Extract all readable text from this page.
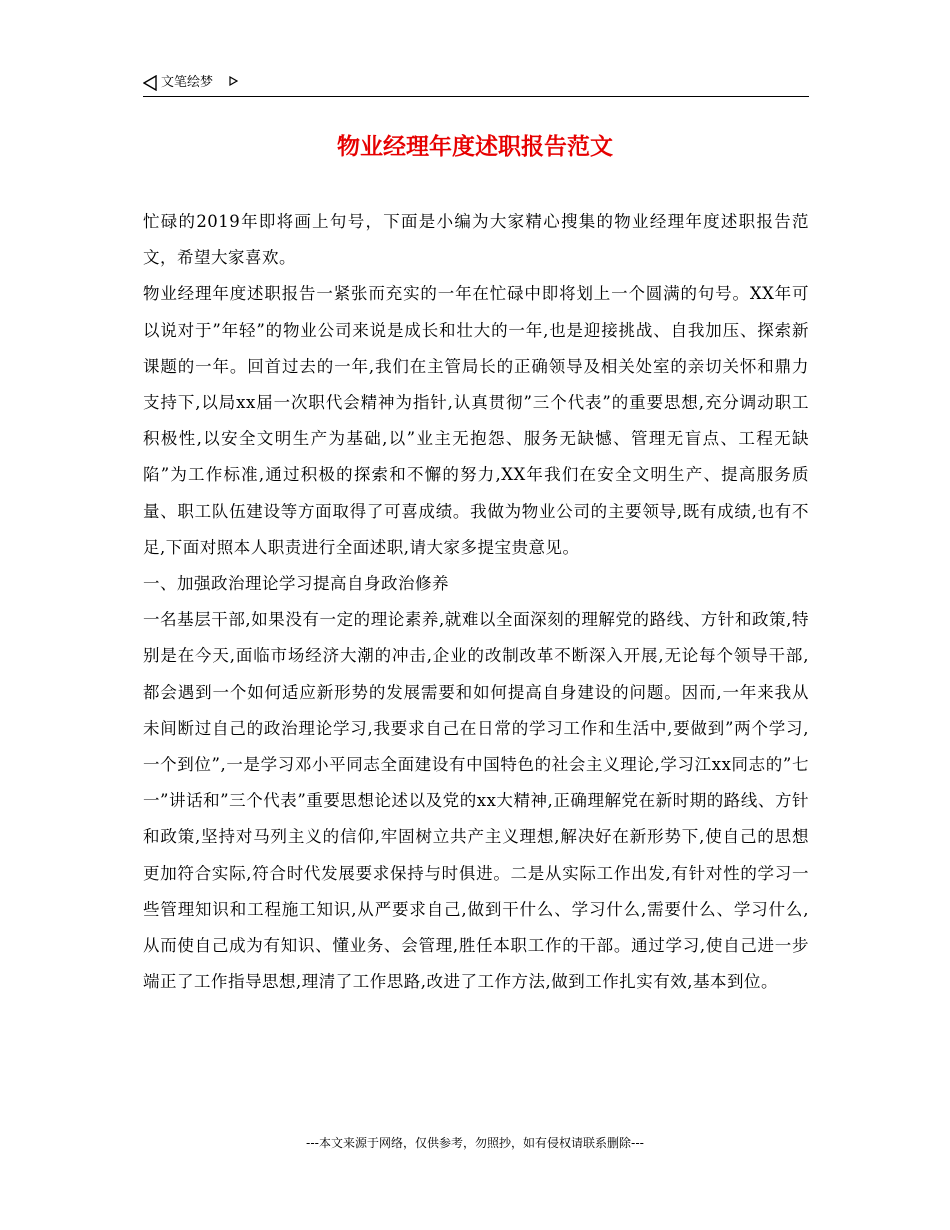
文笔绘梦
物业经理年度述职报告范文

忙碌的2019年即将画上句号，下面是小编为大家精心搜集的物业经理年度述职报告范文，希望大家喜欢。

物业经理年度述职报告一紧张而充实的一年在忙碌中即将划上一个圆满的句号。XX年可以说对于”年轻”的物业公司来说是成长和壮大的一年,也是迎接挑战、自我加压、探索新课题的一年。回首过去的一年,我们在主管局长的正确领导及相关处室的亲切关怀和鼎力支持下,以局xx届一次职代会精神为指针,认真贯彻”三个代表”的重要思想,充分调动职工积极性,以安全文明生产为基础,以”业主无抱怨、服务无缺憾、管理无盲点、工程无缺陷”为工作标准,通过积极的探索和不懈的努力,XX年我们在安全文明生产、提高服务质量、职工队伍建设等方面取得了可喜成绩。我做为物业公司的主要领导,既有成绩,也有不足,下面对照本人职责进行全面述职,请大家多提宝贵意见。

一、加强政治理论学习提高自身政治修养

一名基层干部,如果没有一定的理论素养,就难以全面深刻的理解党的路线、方针和政策,特别是在今天,面临市场经济大潮的冲击,企业的改制改革不断深入开展,无论每个领导干部,都会遇到一个如何适应新形势的发展需要和如何提高自身建设的问题。因而,一年来我从未间断过自己的政治理论学习,我要求自己在日常的学习工作和生活中,要做到”两个学习,一个到位”,一是学习邓小平同志全面建设有中国特色的社会主义理论,学习江xx同志的”七一”讲话和”三个代表”重要思想论述以及党的xx大精神,正确理解党在新时期的路线、方针和政策,坚持对马列主义的信仰,牢固树立共产主义理想,解决好在新形势下,使自己的思想更加符合实际,符合时代发展要求保持与时俱进。二是从实际工作出发,有针对性的学习一些管理知识和工程施工知识,从严要求自己,做到干什么、学习什么,需要什么、学习什么,从而使自己成为有知识、懂业务、会管理,胜任本职工作的干部。通过学习,使自己进一步端正了工作指导思想,理清了工作思路,改进了工作方法,做到工作扎实有效,基本到位。

---本文来源于网络，仅供参考，勿照抄，如有侵权请联系删除---
